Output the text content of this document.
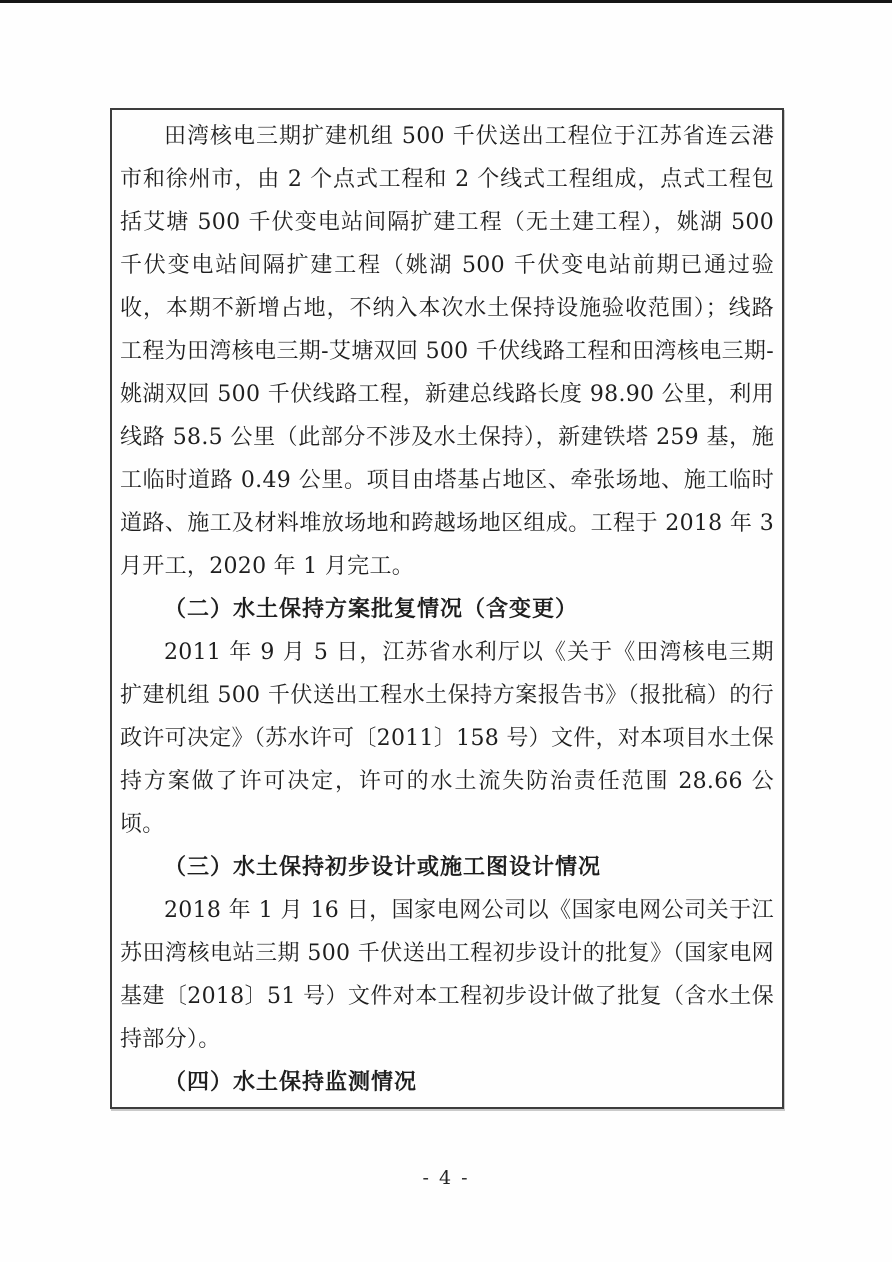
田湾核电三期扩建机组 500 千伏送出工程位于江苏省连云港市和徐州市，由 2 个点式工程和 2 个线式工程组成，点式工程包括艾塘 500 千伏变电站间隔扩建工程（无土建工程），姚湖 500 千伏变电站间隔扩建工程（姚湖 500 千伏变电站前期已通过验收，本期不新增占地，不纳入本次水土保持设施验收范围）；线路工程为田湾核电三期-艾塘双回 500 千伏线路工程和田湾核电三期-姚湖双回 500 千伏线路工程，新建总线路长度 98.90 公里，利用线路 58.5 公里（此部分不涉及水土保持），新建铁塔 259 基，施工临时道路 0.49 公里。项目由塔基占地区、牵张场地、施工临时道路、施工及材料堆放场地和跨越场地区组成。工程于 2018 年 3 月开工，2020 年 1 月完工。

（二）水土保持方案批复情况（含变更）

2011 年 9 月 5 日，江苏省水利厅以《关于《田湾核电三期扩建机组 500 千伏送出工程水土保持方案报告书》（报批稿）的行政许可决定》（苏水许可〔2011〕158 号）文件，对本项目水土保持方案做了许可决定，许可的水土流失防治责任范围 28.66 公顷。

（三）水土保持初步设计或施工图设计情况

2018 年 1 月 16 日，国家电网公司以《国家电网公司关于江苏田湾核电站三期 500 千伏送出工程初步设计的批复》（国家电网基建〔2018〕51 号）文件对本工程初步设计做了批复（含水土保持部分）。

（四）水土保持监测情况

- 4 -
